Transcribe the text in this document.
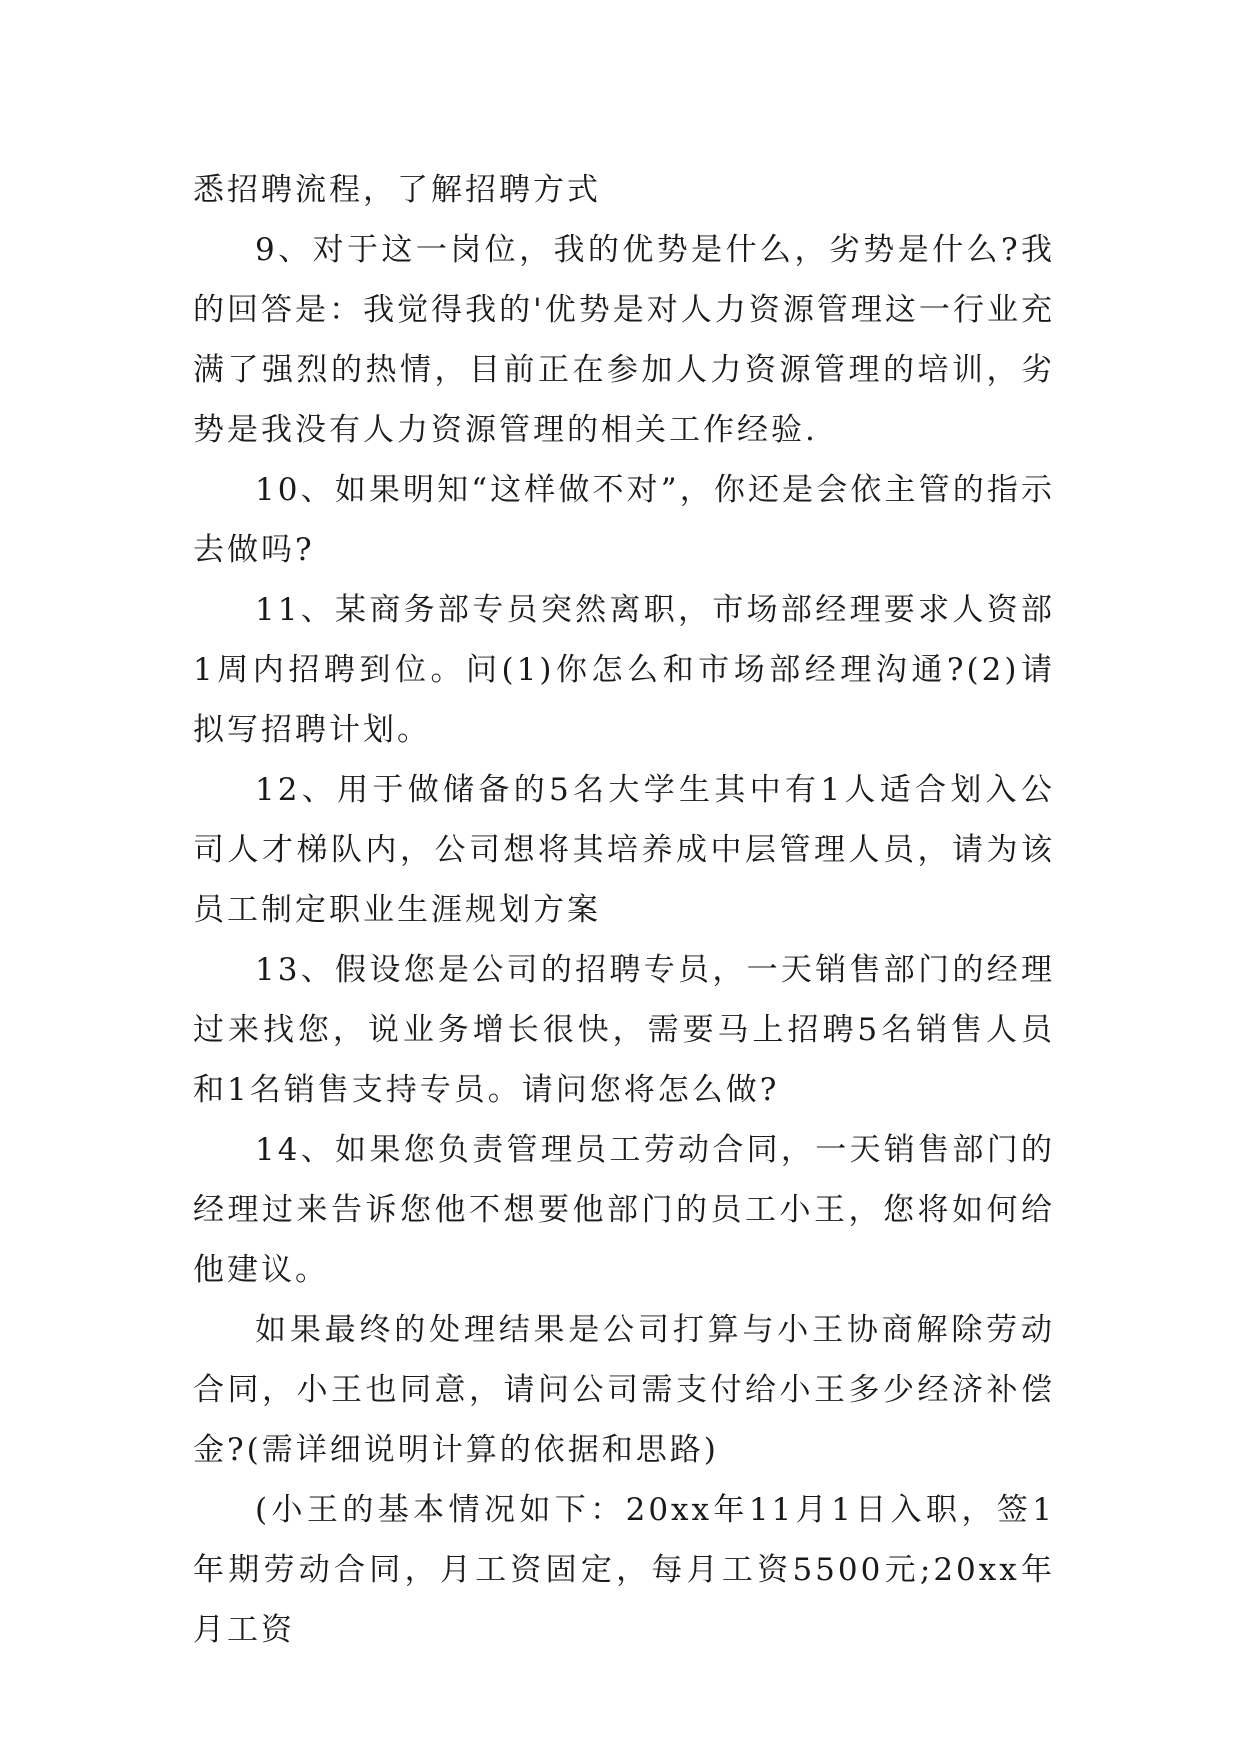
悉招聘流程，了解招聘方式

9、对于这一岗位，我的优势是什么，劣势是什么?我的回答是：我觉得我的'优势是对人力资源管理这一行业充满了强烈的热情，目前正在参加人力资源管理的培训，劣势是我没有人力资源管理的相关工作经验.

10、如果明知“这样做不对”，你还是会依主管的指示去做吗?

11、某商务部专员突然离职，市场部经理要求人资部1周内招聘到位。问(1)你怎么和市场部经理沟通?(2)请拟写招聘计划。

12、用于做储备的5名大学生其中有1人适合划入公司人才梯队内，公司想将其培养成中层管理人员，请为该员工制定职业生涯规划方案

13、假设您是公司的招聘专员，一天销售部门的经理过来找您，说业务增长很快，需要马上招聘5名销售人员和1名销售支持专员。请问您将怎么做?

14、如果您负责管理员工劳动合同，一天销售部门的经理过来告诉您他不想要他部门的员工小王，您将如何给他建议。

如果最终的处理结果是公司打算与小王协商解除劳动合同，小王也同意，请问公司需支付给小王多少经济补偿金?(需详细说明计算的依据和思路)

(小王的基本情况如下：20xx年11月1日入职，签1年期劳动合同，月工资固定，每月工资5500元;20xx年月工资
